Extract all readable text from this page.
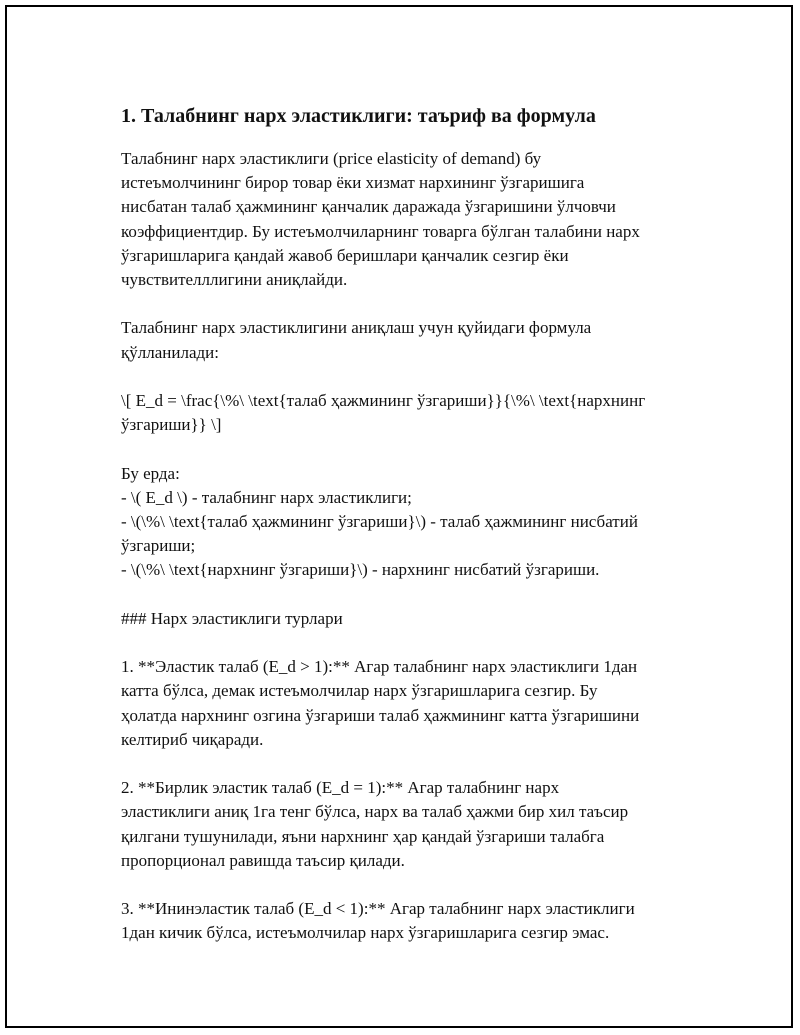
1. Талабнинг нарх эластиклиги: таъриф ва формула

Талабнинг нарх эластиклиги (price elasticity of demand) бу
истеъмолчининг бирор товар ёки хизмат нархининг ўзгаришига
нисбатан талаб ҳажмининг қанчалик даражада ўзгаришини ўлчовчи
коэффициентдир. Бу истеъмолчиларнинг товарга бўлган талабини нарх
ўзгаришларига қандай жавоб беришлари қанчалик сезгир ёки
чувствителллигини аниқлайди.

Талабнинг нарх эластиклигини аниқлаш учун қуйидаги формула
қўлланилади:

\[ E_d = \frac{\%\ \text{талаб ҳажмининг ўзгариши}}{\%\ \text{нархнинг
ўзгариши}} \]

Бу ерда:
- \( E_d \) - талабнинг нарх эластиклиги;
- \(\%\ \text{талаб ҳажмининг ўзгариши}\) - талаб ҳажмининг нисбатий
ўзгариши;
- \(\%\ \text{нархнинг ўзгариши}\) - нархнинг нисбатий ўзгариши.

### Нарх эластиклиги турлари

1. **Эластик талаб (E_d > 1):** Агар талабнинг нарх эластиклиги 1дан
катта бўлса, демак истеъмолчилар нарх ўзгаришларига сезгир. Бу
ҳолатда нархнинг озгина ўзгариши талаб ҳажмининг катта ўзгаришини
келтириб чиқаради.

2. **Бирлик эластик талаб (E_d = 1):** Агар талабнинг нарх
эластиклиги аниқ 1га тенг бўлса, нарх ва талаб ҳажми бир хил таъсир
қилгани тушунилади, яъни нархнинг ҳар қандай ўзгариши талабга
пропорционал равишда таъсир қилади.

3. **Ининэластик талаб (E_d < 1):** Агар талабнинг нарх эластиклиги
1дан кичик бўлса, истеъмолчилар нарх ўзгаришларига сезгир эмас.
